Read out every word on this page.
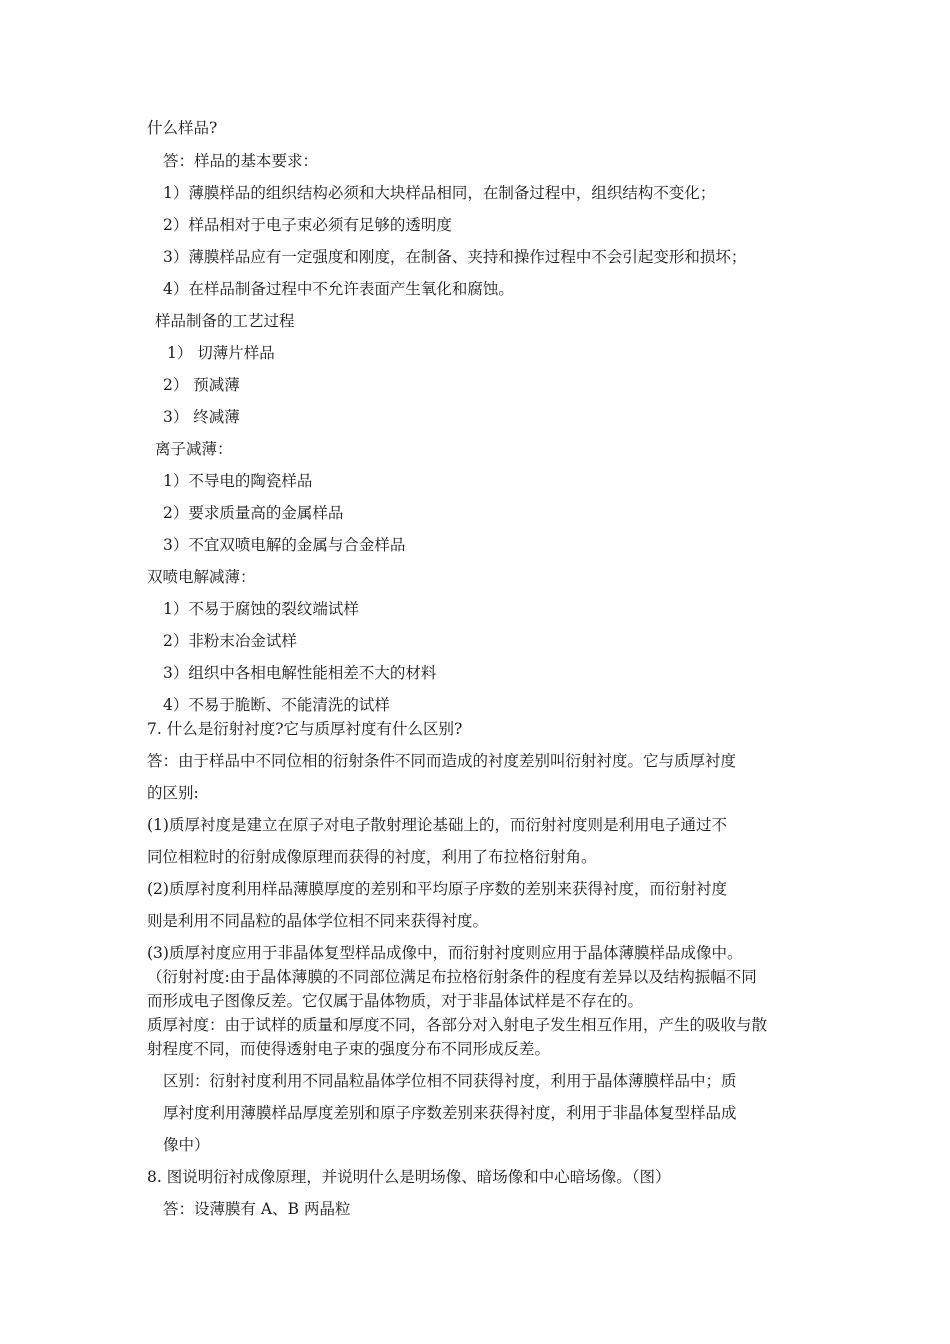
什么样品?

答：样品的基本要求：

1）薄膜样品的组织结构必须和大块样品相同，在制备过程中，组织结构不变化；

2）样品相对于电子束必须有足够的透明度

3）薄膜样品应有一定强度和刚度，在制备、夹持和操作过程中不会引起变形和损坏；

4）在样品制备过程中不允许表面产生氧化和腐蚀。

样品制备的工艺过程

1） 切薄片样品

2） 预减薄

3） 终减薄

离子减薄：

1）不导电的陶瓷样品

2）要求质量高的金属样品

3）不宜双喷电解的金属与合金样品

双喷电解减薄：

1）不易于腐蚀的裂纹端试样

2）非粉末冶金试样

3）组织中各相电解性能相差不大的材料

4）不易于脆断、不能清洗的试样

7. 什么是衍射衬度?它与质厚衬度有什么区别?

答：由于样品中不同位相的衍射条件不同而造成的衬度差别叫衍射衬度。它与质厚衬度

的区别:

(1)质厚衬度是建立在原子对电子散射理论基础上的，而衍射衬度则是利用电子通过不

同位相粒时的衍射成像原理而获得的衬度，利用了布拉格衍射角。

(2)质厚衬度利用样品薄膜厚度的差别和平均原子序数的差别来获得衬度，而衍射衬度

则是利用不同晶粒的晶体学位相不同来获得衬度。

(3)质厚衬度应用于非晶体复型样品成像中，而衍射衬度则应用于晶体薄膜样品成像中。

（衍射衬度:由于晶体薄膜的不同部位满足布拉格衍射条件的程度有差异以及结构振幅不同

而形成电子图像反差。它仅属于晶体物质，对于非晶体试样是不存在的。

质厚衬度：由于试样的质量和厚度不同，各部分对入射电子发生相互作用，产生的吸收与散

射程度不同，而使得透射电子束的强度分布不同形成反差。

区别：衍射衬度利用不同晶粒晶体学位相不同获得衬度，利用于晶体薄膜样品中；质

厚衬度利用薄膜样品厚度差别和原子序数差别来获得衬度，利用于非晶体复型样品成

像中）

8. 图说明衍衬成像原理，并说明什么是明场像、暗场像和中心暗场像。（图）

答：设薄膜有 A、B 两晶粒
